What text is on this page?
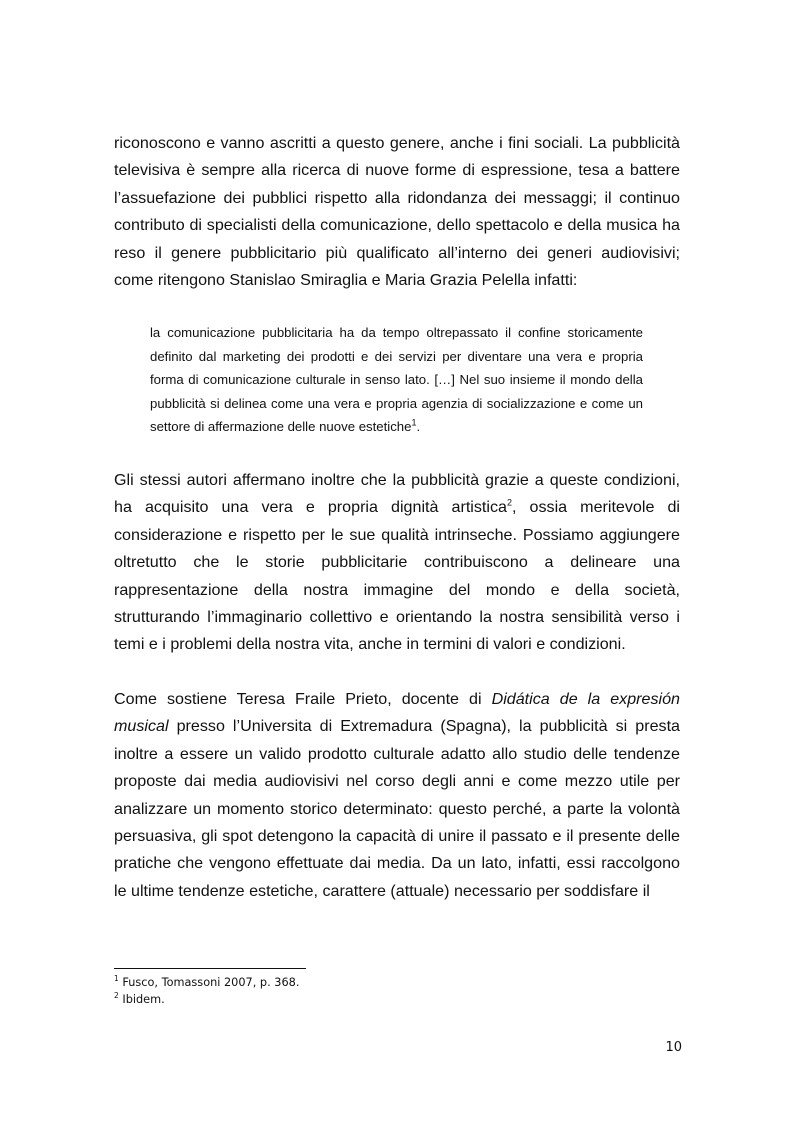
riconoscono e vanno ascritti a questo genere, anche i fini sociali. La pubblicità televisiva è sempre alla ricerca di nuove forme di espressione, tesa a battere l’assuefazione dei pubblici rispetto alla ridondanza dei messaggi; il continuo contributo di specialisti della comunicazione, dello spettacolo e della musica ha reso il genere pubblicitario più qualificato all’interno dei generi audiovisivi; come ritengono Stanislao Smiraglia e Maria Grazia Pelella infatti:

la comunicazione pubblicitaria ha da tempo oltrepassato il confine storicamente definito dal marketing dei prodotti e dei servizi per diventare una vera e propria forma di comunicazione culturale in senso lato. […] Nel suo insieme il mondo della pubblicità si delinea come una vera e propria agenzia di socializzazione e come un settore di affermazione delle nuove estetiche$^1$.

Gli stessi autori affermano inoltre che la pubblicità grazie a queste condizioni, ha acquisito una vera e propria dignità artistica$^2$, ossia meritevole di considerazione e rispetto per le sue qualità intrinseche. Possiamo aggiungere oltretutto che le storie pubblicitarie contribuiscono a delineare una rappresentazione della nostra immagine del mondo e della società, strutturando l’immaginario collettivo e orientando la nostra sensibilità verso i temi e i problemi della nostra vita, anche in termini di valori e condizioni.

Come sostiene Teresa Fraile Prieto, docente di Didática de la expresión musical presso l’Universita di Extremadura (Spagna), la pubblicità si presta inoltre a essere un valido prodotto culturale adatto allo studio delle tendenze proposte dai media audiovisivi nel corso degli anni e come mezzo utile per analizzare un momento storico determinato: questo perché, a parte la volontà persuasiva, gli spot detengono la capacità di unire il passato e il presente delle pratiche che vengono effettuate dai media. Da un lato, infatti, essi raccolgono le ultime tendenze estetiche, carattere (attuale) necessario per soddisfare il

$^1$ Fusco, Tomassoni 2007, p. 368.
$^2$ Ibidem.
10
